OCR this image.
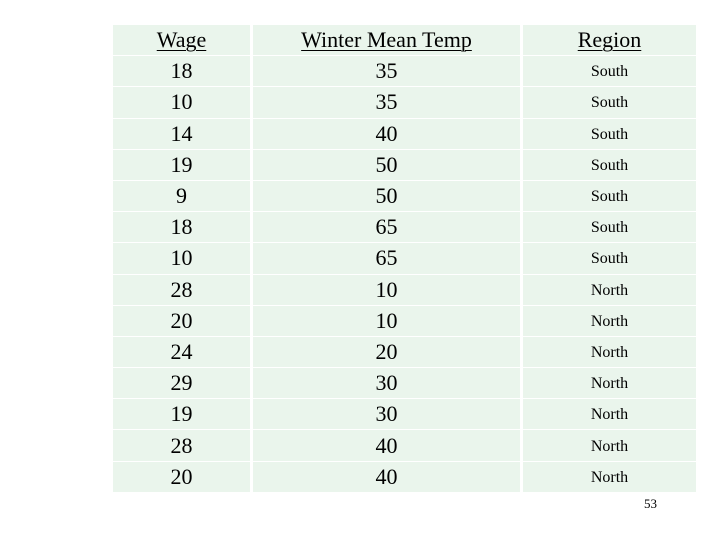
Wage	Winter Mean Temp	Region
18	35	South
10	35	South
14	40	South
19	50	South
9	50	South
18	65	South
10	65	South
28	10	North
20	10	North
24	20	North
29	30	North
19	30	North
28	40	North
20	40	North
53
